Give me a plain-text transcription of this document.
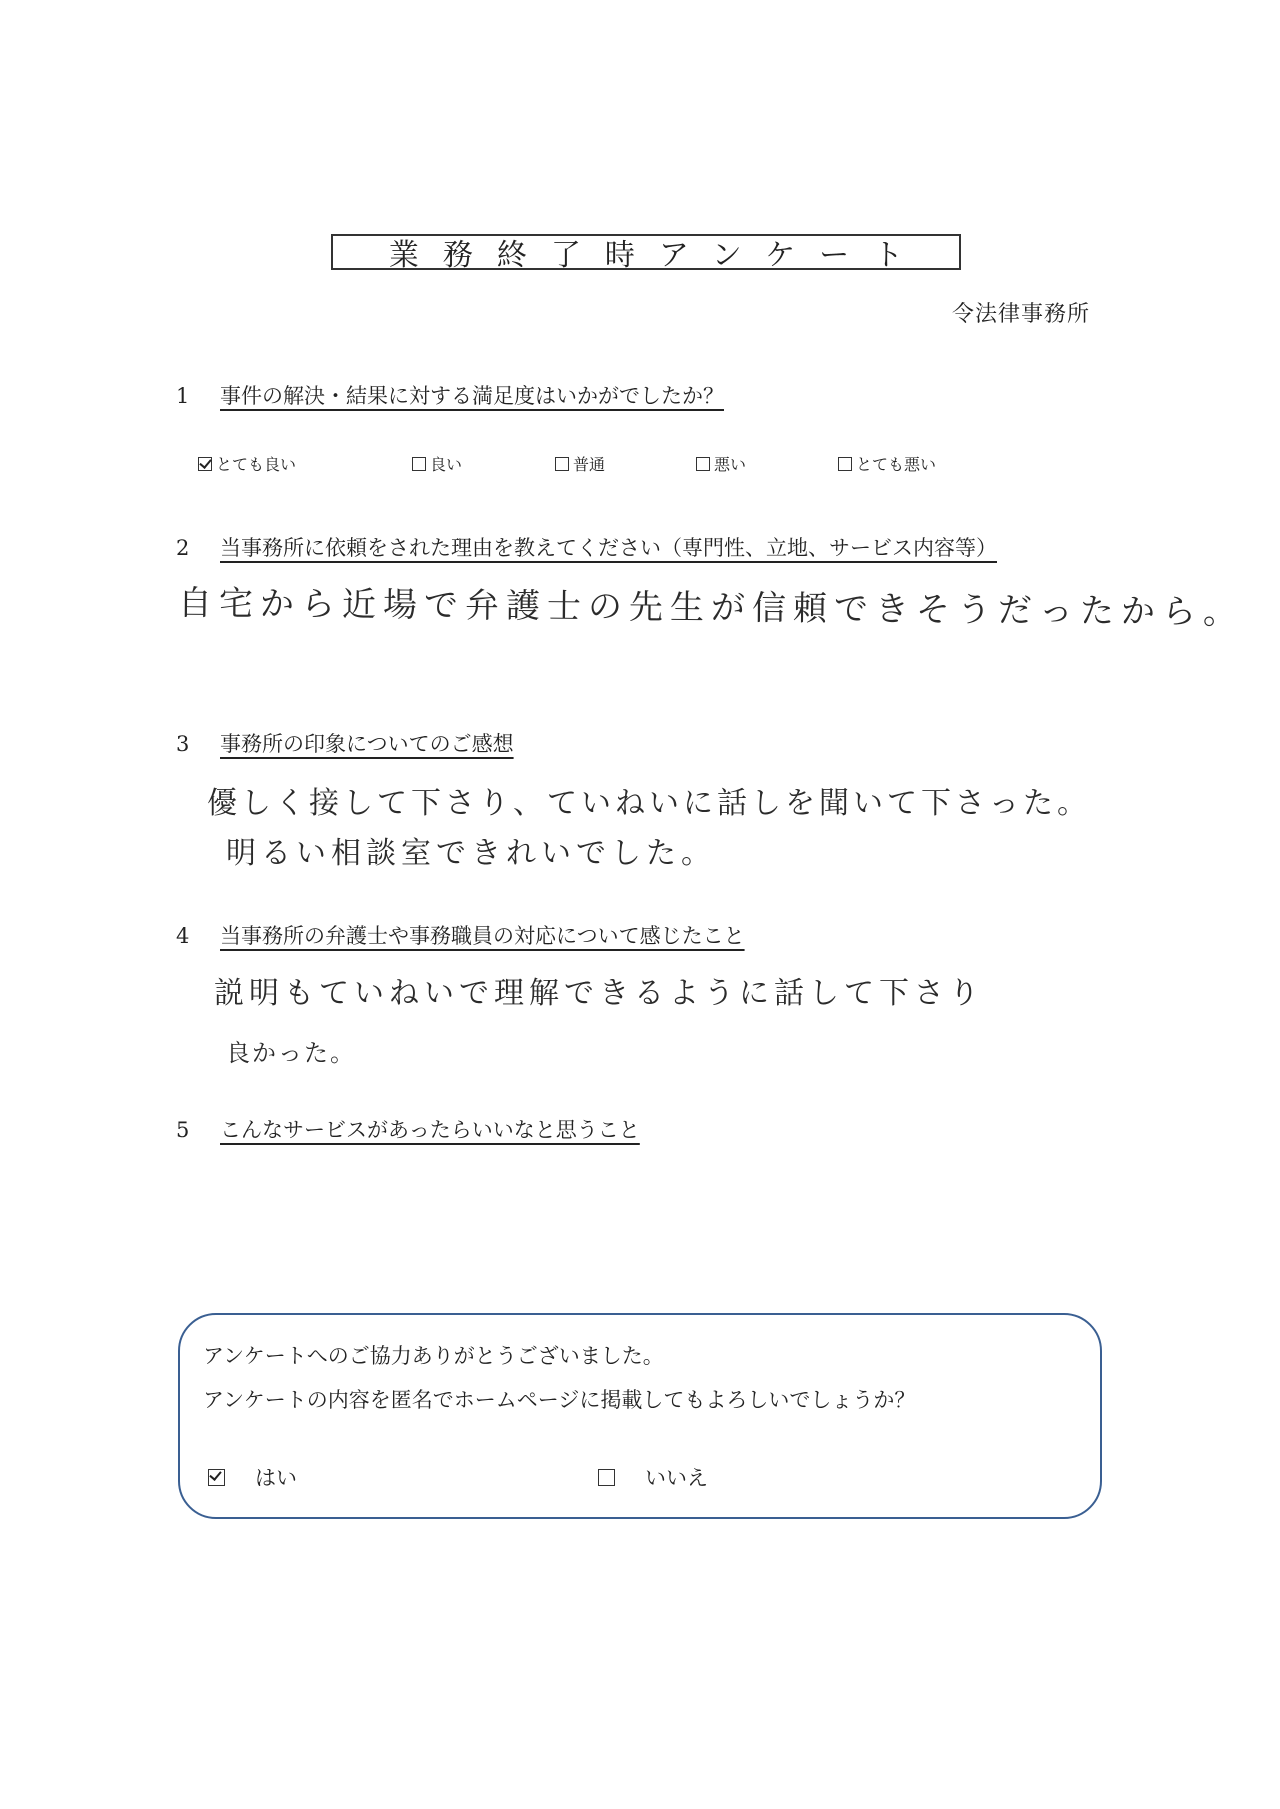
業務終了時アンケート
令法律事務所
1 事件の解決・結果に対する満足度はいかがでしたか？
とても良い	良い	普通	悪い	とても悪い
2 当事務所に依頼をされた理由を教えてください（専門性、立地、サービス内容等）
自宅から近場で弁護士の先生が信頼できそうだったから。
3 事務所の印象についてのご感想
優しく接して下さり、ていねいに話しを聞いて下さった。
明るい相談室できれいでした。
4 当事務所の弁護士や事務職員の対応について感じたこと
説明もていねいで理解できるように話して下さり
良かった。
5 こんなサービスがあったらいいなと思うこと
アンケートへのご協力ありがとうございました。
アンケートの内容を匿名でホームページに掲載してもよろしいでしょうか？
はい	いいえ
